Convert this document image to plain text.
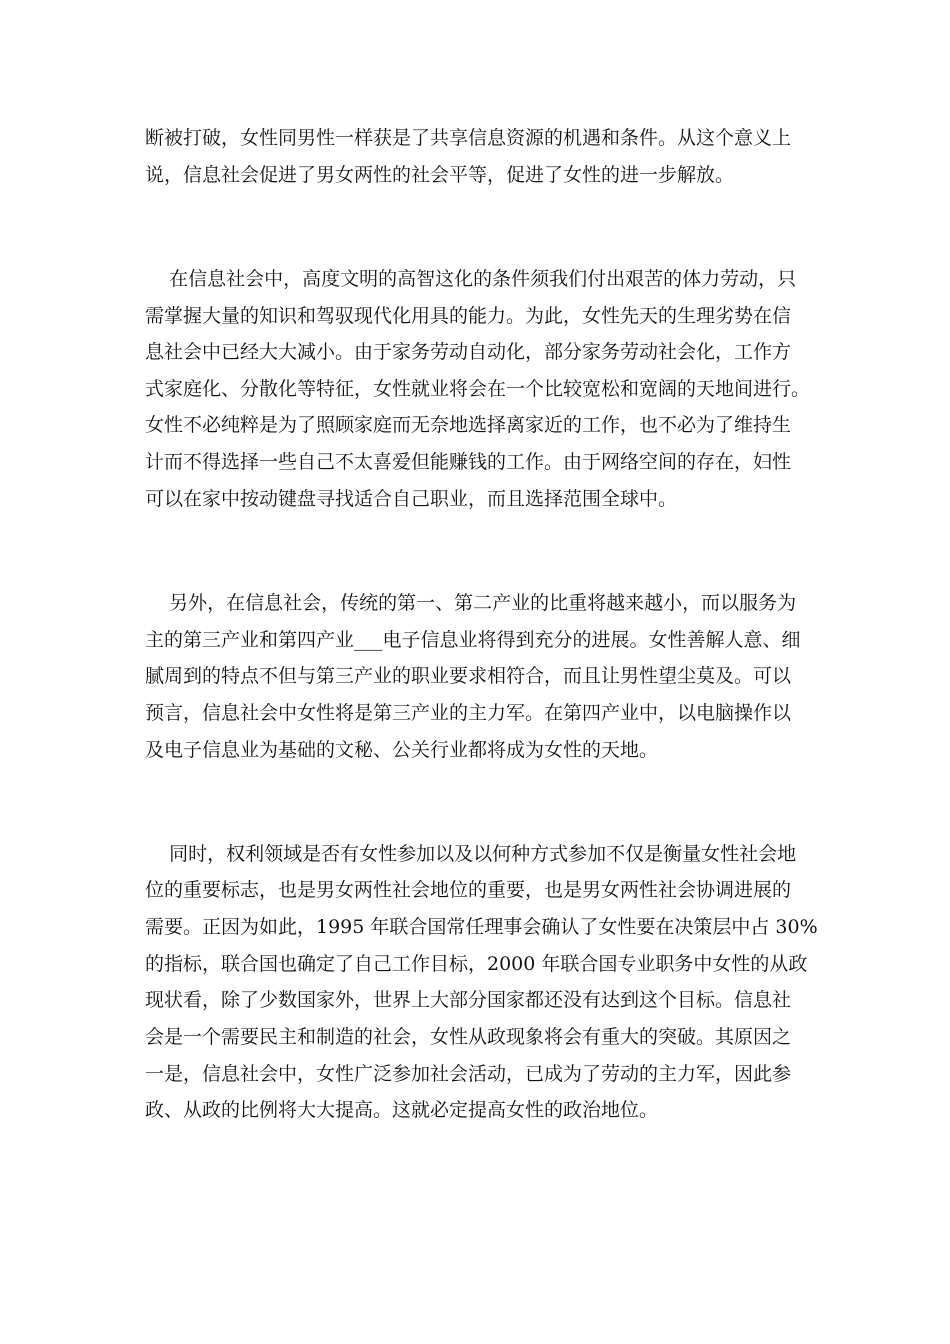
断被打破，女性同男性一样获是了共享信息资源的机遇和条件。从这个意义上

说，信息社会促进了男女两性的社会平等，促进了女性的进一步解放。

在信息社会中，高度文明的高智这化的条件须我们付出艰苦的体力劳动，只

需掌握大量的知识和驾驭现代化用具的能力。为此，女性先天的生理劣势在信

息社会中已经大大减小。由于家务劳动自动化，部分家务劳动社会化，工作方

式家庭化、分散化等特征，女性就业将会在一个比较宽松和宽阔的天地间进行。

女性不必纯粹是为了照顾家庭而无奈地选择离家近的工作，也不必为了维持生

计而不得选择一些自己不太喜爱但能赚钱的工作。由于网络空间的存在，妇性

可以在家中按动键盘寻找适合自己职业，而且选择范围全球中。

另外，在信息社会，传统的第一、第二产业的比重将越来越小，而以服务为

主的第三产业和第四产业___电子信息业将得到充分的进展。女性善解人意、细

腻周到的特点不但与第三产业的职业要求相符合，而且让男性望尘莫及。可以

预言，信息社会中女性将是第三产业的主力军。在第四产业中，以电脑操作以

及电子信息业为基础的文秘、公关行业都将成为女性的天地。

同时，权利领域是否有女性参加以及以何种方式参加不仅是衡量女性社会地

位的重要标志，也是男女两性社会地位的重要，也是男女两性社会协调进展的

需要。正因为如此，1995 年联合国常任理事会确认了女性要在决策层中占 30%

的指标，联合国也确定了自己工作目标，2000 年联合国专业职务中女性的从政

现状看，除了少数国家外，世界上大部分国家都还没有达到这个目标。信息社

会是一个需要民主和制造的社会，女性从政现象将会有重大的突破。其原因之

一是，信息社会中，女性广泛参加社会活动，已成为了劳动的主力军，因此参

政、从政的比例将大大提高。这就必定提高女性的政治地位。
